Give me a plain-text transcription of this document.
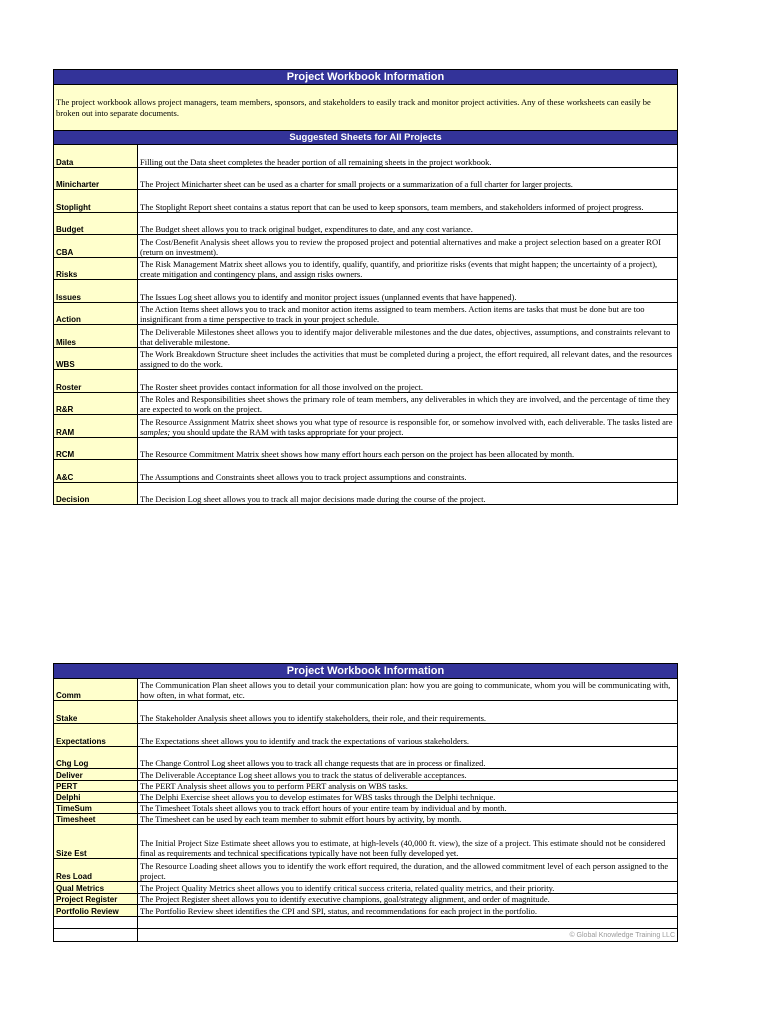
Project Workbook Information	
The project workbook allows project managers, team members, sponsors, and stakeholders to easily track and monitor project activities. Any of these worksheets can easily be broken out into separate documents.	
Suggested Sheets for All Projects	
Data	Filling out the Data sheet completes the header portion of all remaining sheets in the project workbook.
Minicharter	The Project Minicharter sheet can be used as a charter for small projects or a summarization of a full charter for larger projects.
Stoplight	The Stoplight Report sheet contains a status report that can be used to keep sponsors, team members, and stakeholders informed of project progress.
Budget	The Budget sheet allows you to track original budget, expenditures to date, and any cost variance.
CBA	The Cost/Benefit Analysis sheet allows you to review the proposed project and potential alternatives and make a project selection based on a greater ROI (return on investment).
Risks	The Risk Management Matrix sheet allows you to identify, qualify, quantify, and prioritize risks (events that might happen; the uncertainty of a project), create mitigation and contingency plans, and assign risks owners.
Issues	The Issues Log sheet allows you to identify and monitor project issues (unplanned events that have happened).
Action	The Action Items sheet allows you to track and monitor action items assigned to team members. Action items are tasks that must be done but are too insignificant from a time perspective to track in your project schedule.
Miles	The Deliverable Milestones sheet allows you to identify major deliverable milestones and the due dates, objectives, assumptions, and constraints relevant to that deliverable milestone.
WBS	The Work Breakdown Structure sheet includes the activities that must be completed during a project, the effort required, all relevant dates, and the resources assigned to do the work.
Roster	The Roster sheet provides contact information for all those involved on the project.
R&R	The Roles and Responsibilities sheet shows the primary role of team members, any deliverables in which they are involved, and the percentage of time they are expected to work on the project.
RAM	The Resource Assignment Matrix sheet shows you what type of resource is responsible for, or somehow involved with, each deliverable. The tasks listed are samples; you should update the RAM with tasks appropriate for your project.
RCM	The Resource Commitment Matrix sheet shows how many effort hours each person on the project has been allocated by month.
A&C	The Assumptions and Constraints sheet allows you to track project assumptions and constraints.
Decision	The Decision Log sheet allows you to track all major decisions made during the course of the project.
Project Workbook Information	
Comm	The Communication Plan sheet allows you to detail your communication plan: how you are going to communicate, whom you will be communicating with, how often, in what format, etc.
Stake	The Stakeholder Analysis sheet allows you to identify stakeholders, their role, and their requirements.
Expectations	The Expectations sheet allows you to identify and track the expectations of various stakeholders.
Chg Log	The Change Control Log sheet allows you to track all change requests that are in process or finalized.
Deliver	The Deliverable Acceptance Log sheet allows you to track the status of deliverable acceptances.
PERT	The PERT Analysis sheet allows you to perform PERT analysis on WBS tasks.
Delphi	The Delphi Exercise sheet allows you to develop estimates for WBS tasks through the Delphi technique.
TimeSum	The Timesheet Totals sheet allows you to track effort hours of your entire team by individual and by month.
Timesheet	The Timesheet can be used by each team member to submit effort hours by activity, by month.
Size Est	The Initial Project Size Estimate sheet allows you to estimate, at high-levels (40,000 ft. view), the size of a project. This estimate should not be considered final as requirements and technical specifications typically have not been fully developed yet.
Res Load	The Resource Loading sheet allows you to identify the work effort required, the duration, and the allowed commitment level of each person assigned to the project.
Qual Metrics	The Project Quality Metrics sheet allows you to identify critical success criteria, related quality metrics, and their priority.
Project Register	The Project Register sheet allows you to identify executive champions, goal/strategy alignment, and order of magnitude.
Portfolio Review	The Portfolio Review sheet identifies the CPI and SPI, status, and recommendations for each project in the portfolio.

	© Global Knowledge Training LLC
